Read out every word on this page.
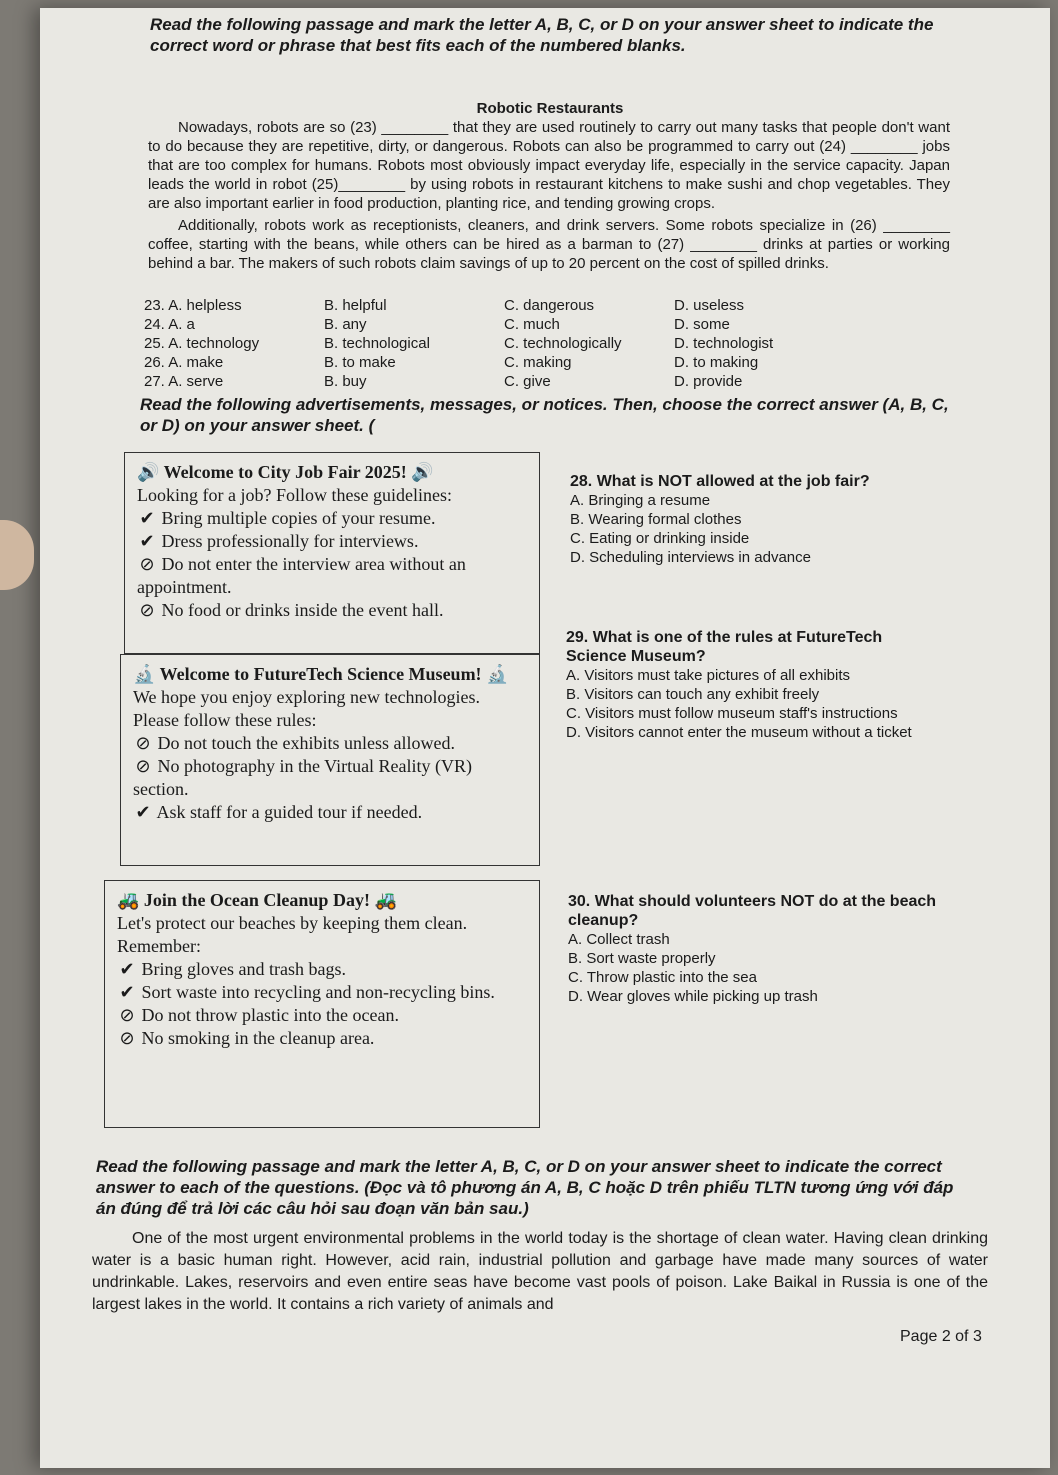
Read the following passage and mark the letter A, B, C, or D on your answer sheet to indicate the correct word or phrase that best fits each of the numbered blanks.
Robotic Restaurants
Nowadays, robots are so (23) ________ that they are used routinely to carry out many tasks that people don't want to do because they are repetitive, dirty, or dangerous. Robots can also be programmed to carry out (24) ________ jobs that are too complex for humans. Robots most obviously impact everyday life, especially in the service capacity. Japan leads the world in robot (25)________ by using robots in restaurant kitchens to make sushi and chop vegetables. They are also important earlier in food production, planting rice, and tending growing crops.
Additionally, robots work as receptionists, cleaners, and drink servers. Some robots specialize in (26) ________ coffee, starting with the beans, while others can be hired as a barman to (27) ________ drinks at parties or working behind a bar. The makers of such robots claim savings of up to 20 percent on the cost of spilled drinks.
23. A. helpless	B. helpful	C. dangerous	D. useless
24. A. a	B. any	C. much	D. some
25. A. technology	B. technological	C. technologically	D. technologist
26. A. make	B. to make	C. making	D. to making
27. A. serve	B. buy	C. give	D. provide
Read the following advertisements, messages, or notices. Then, choose the correct answer (A, B, C, or D) on your answer sheet. (
🔊 Welcome to City Job Fair 2025! 🔊
Looking for a job? Follow these guidelines:
✔ Bring multiple copies of your resume.
✔ Dress professionally for interviews.
⊘ Do not enter the interview area without an appointment.
⊘ No food or drinks inside the event hall.
28. What is NOT allowed at the job fair?
A. Bringing a resume
B. Wearing formal clothes
C. Eating or drinking inside
D. Scheduling interviews in advance
🔬 Welcome to FutureTech Science Museum! 🔬
We hope you enjoy exploring new technologies. Please follow these rules:
⊘ Do not touch the exhibits unless allowed.
⊘ No photography in the Virtual Reality (VR) section.
✔ Ask staff for a guided tour if needed.
29. What is one of the rules at FutureTech Science Museum?
A. Visitors must take pictures of all exhibits
B. Visitors can touch any exhibit freely
C. Visitors must follow museum staff's instructions
D. Visitors cannot enter the museum without a ticket
🚜 Join the Ocean Cleanup Day! 🚜
Let's protect our beaches by keeping them clean. Remember:
✔ Bring gloves and trash bags.
✔ Sort waste into recycling and non-recycling bins.
⊘ Do not throw plastic into the ocean.
⊘ No smoking in the cleanup area.
30. What should volunteers NOT do at the beach cleanup?
A. Collect trash
B. Sort waste properly
C. Throw plastic into the sea
D. Wear gloves while picking up trash
Read the following passage and mark the letter A, B, C, or D on your answer sheet to indicate the correct answer to each of the questions. (Đọc và tô phương án A, B, C hoặc D trên phiếu TLTN tương ứng với đáp án đúng để trả lời các câu hỏi sau đoạn văn bản sau.)
One of the most urgent environmental problems in the world today is the shortage of clean water. Having clean drinking water is a basic human right. However, acid rain, industrial pollution and garbage have made many sources of water undrinkable. Lakes, reservoirs and even entire seas have become vast pools of poison. Lake Baikal in Russia is one of the largest lakes in the world. It contains a rich variety of animals and
Page 2 of 3
